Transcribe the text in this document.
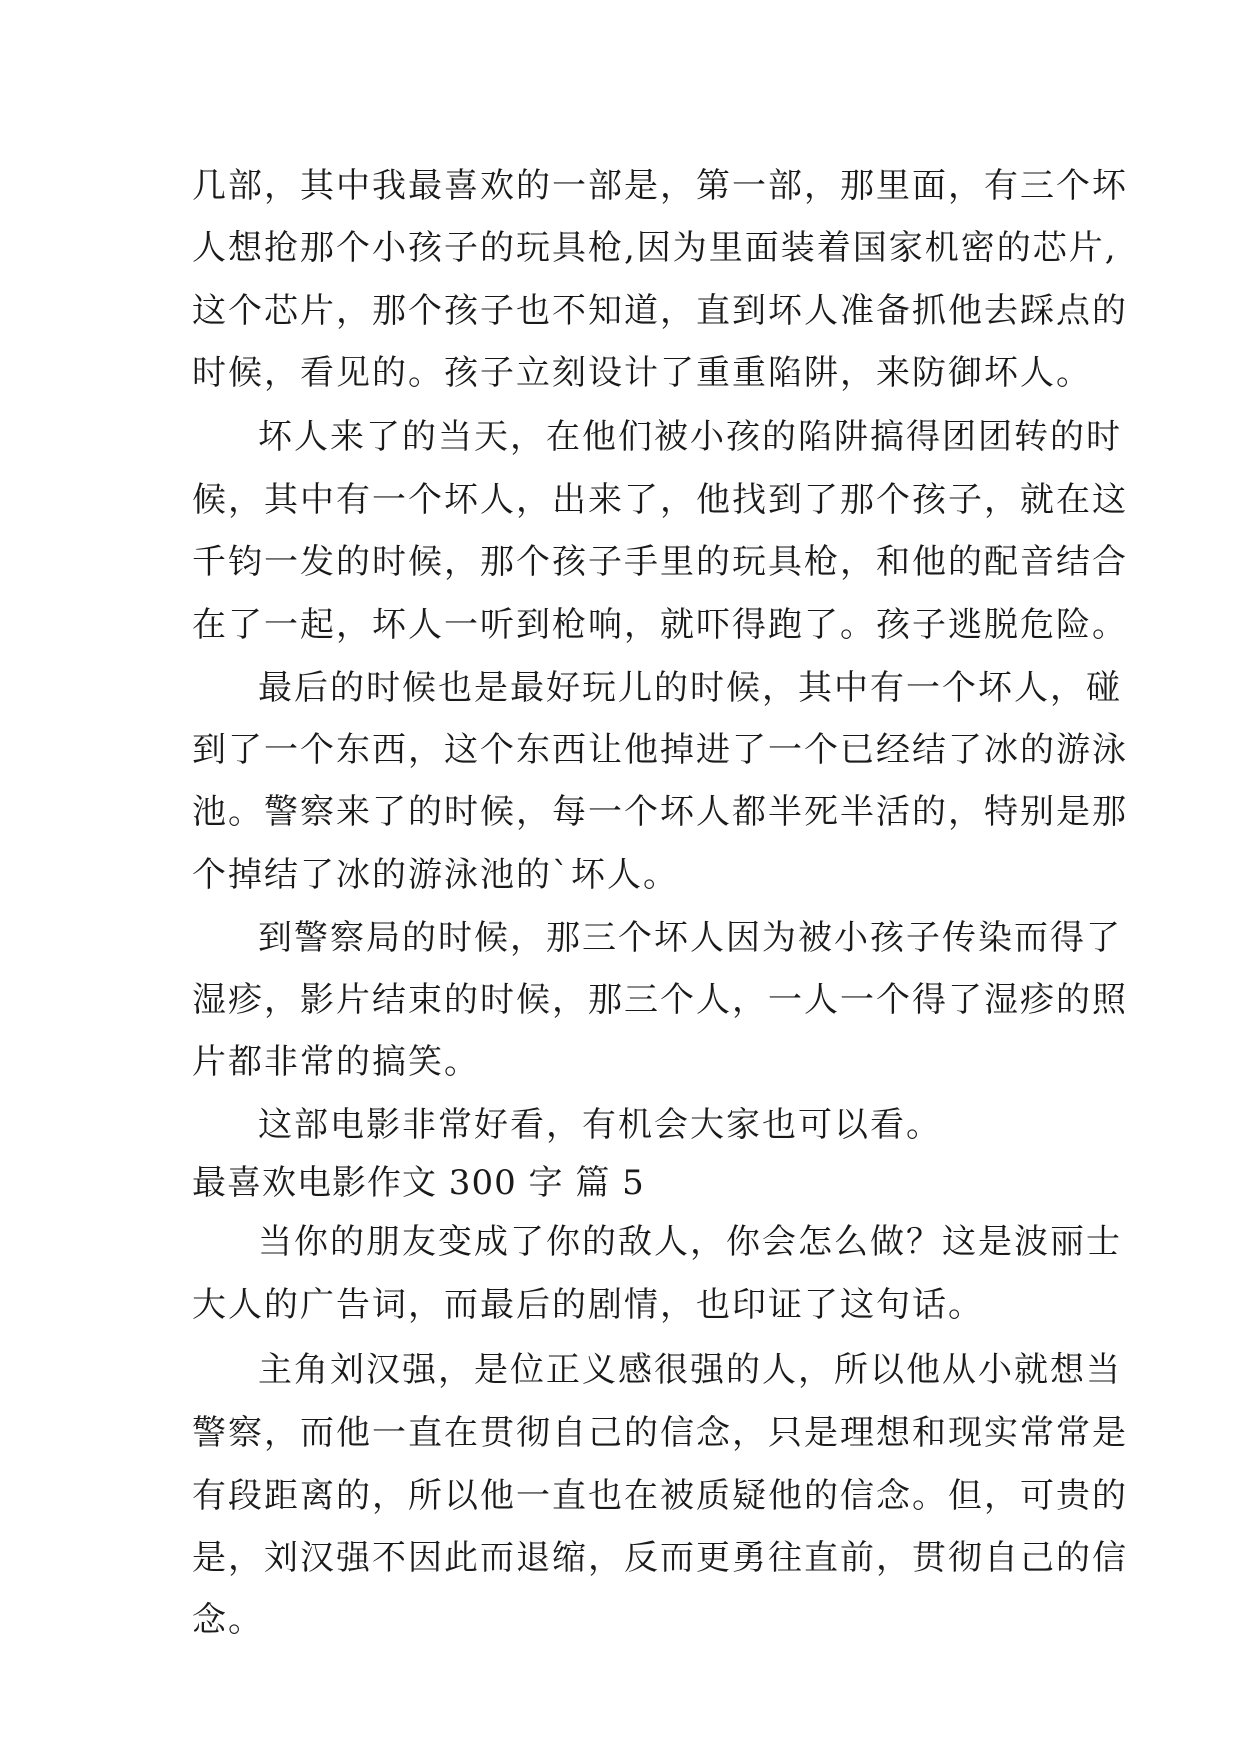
几部，其中我最喜欢的一部是，第一部，那里面，有三个坏
人想抢那个小孩子的玩具枪,因为里面装着国家机密的芯片,
这个芯片，那个孩子也不知道，直到坏人准备抓他去踩点的
时候，看见的。孩子立刻设计了重重陷阱，来防御坏人。
坏人来了的当天，在他们被小孩的陷阱搞得团团转的时
候，其中有一个坏人，出来了，他找到了那个孩子，就在这
千钧一发的时候，那个孩子手里的玩具枪，和他的配音结合
在了一起，坏人一听到枪响，就吓得跑了。孩子逃脱危险。
最后的时候也是最好玩儿的时候，其中有一个坏人，碰
到了一个东西，这个东西让他掉进了一个已经结了冰的游泳
池。警察来了的时候，每一个坏人都半死半活的，特别是那
个掉结了冰的游泳池的`坏人。
到警察局的时候，那三个坏人因为被小孩子传染而得了
湿疹，影片结束的时候，那三个人，一人一个得了湿疹的照
片都非常的搞笑。
这部电影非常好看，有机会大家也可以看。
最喜欢电影作文 300 字 篇 5
当你的朋友变成了你的敌人，你会怎么做？这是波丽士
大人的广告词，而最后的剧情，也印证了这句话。
主角刘汉强，是位正义感很强的人，所以他从小就想当
警察，而他一直在贯彻自己的信念，只是理想和现实常常是
有段距离的，所以他一直也在被质疑他的信念。但，可贵的
是，刘汉强不因此而退缩，反而更勇往直前，贯彻自己的信
念。
